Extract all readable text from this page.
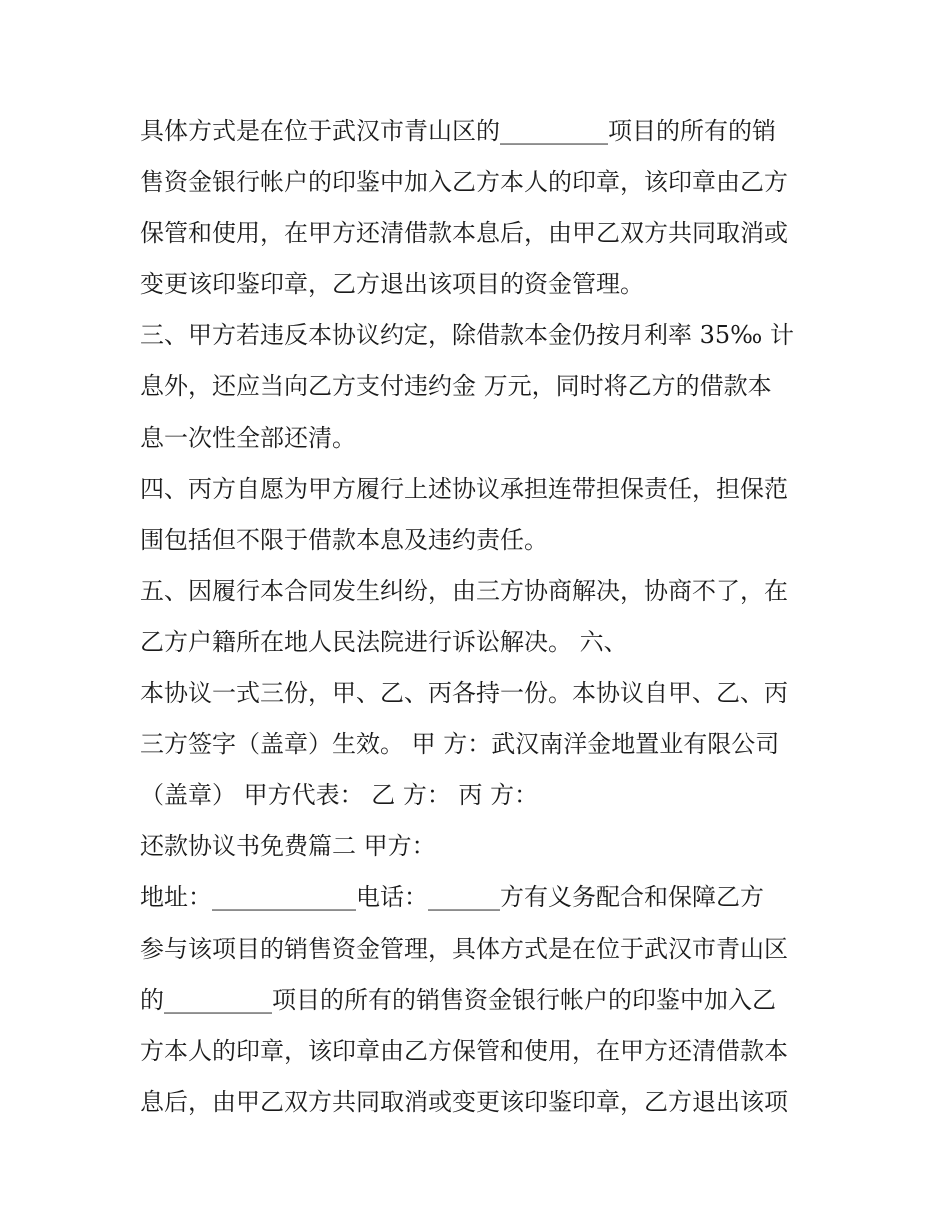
具体方式是在位于武汉市青山区的_________项目的所有的销
售资金银行帐户的印鉴中加入乙方本人的印章，该印章由乙方
保管和使用，在甲方还清借款本息后，由甲乙双方共同取消或
变更该印鉴印章，乙方退出该项目的资金管理。
三、甲方若违反本协议约定，除借款本金仍按月利率 35‰ 计
息外，还应当向乙方支付违约金 万元，同时将乙方的借款本
息一次性全部还清。
四、丙方自愿为甲方履行上述协议承担连带担保责任，担保范
围包括但不限于借款本息及违约责任。
五、因履行本合同发生纠纷，由三方协商解决，协商不了，在
乙方户籍所在地人民法院进行诉讼解决。 六、
本协议一式三份，甲、乙、丙各持一份。本协议自甲、乙、丙
三方签字（盖章）生效。 甲 方：武汉南洋金地置业有限公司
（盖章） 甲方代表： 乙 方： 丙 方：
还款协议书免费篇二 甲方：
地址：____________电话：______方有义务配合和保障乙方
参与该项目的销售资金管理，具体方式是在位于武汉市青山区
的_________项目的所有的销售资金银行帐户的印鉴中加入乙
方本人的印章，该印章由乙方保管和使用，在甲方还清借款本
息后，由甲乙双方共同取消或变更该印鉴印章，乙方退出该项
